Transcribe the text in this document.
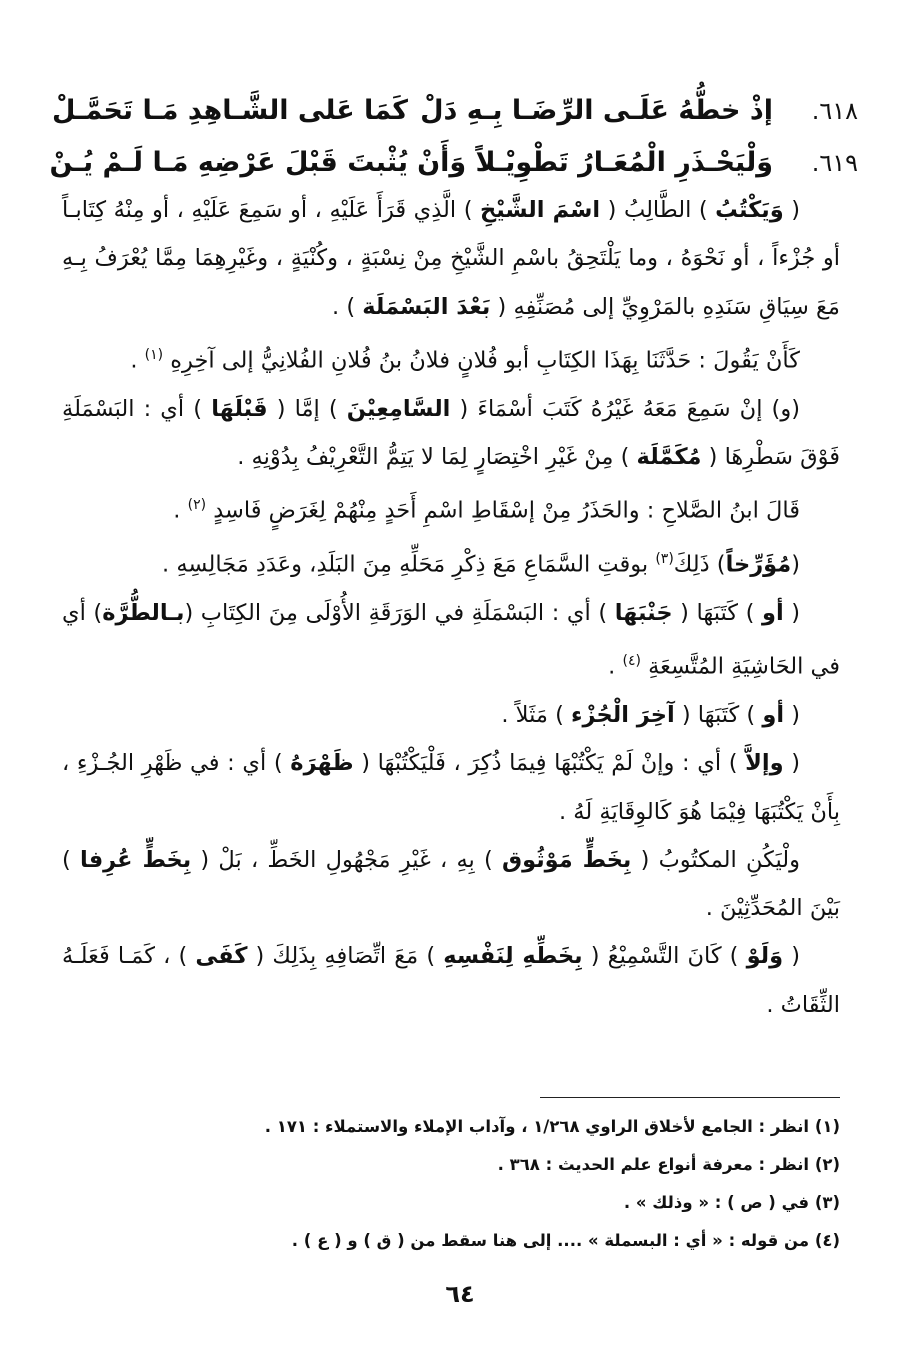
٦١٨.
إذْ خطُّهُ عَلَـى الرِّضَـا بِـهِ دَلْ
كَمَا عَلى الشَّـاهِدِ مَـا تَحَمَّـلْ
٦١٩.
وَلْيَحْـذَرِ الْمُعَـارُ تَطْوِيْـلاً وَأَنْ
يُثْبتَ قَبْلَ عَرْضِهِ مَـا لَـمْ يُـنْ

( وَيَكْتُبُ ) الطَّالِبُ ( اسْمَ الشَّيْخِ ) الَّذِي قَرَأَ عَلَيْهِ ، أو سَمِعَ عَلَيْهِ ، أو مِنْهُ كِتَابـاً أو جُزْءاً ، أو نَحْوَهُ ، وما يَلْتَحِقُ باسْمِ الشَّيْخِ مِنْ نِسْبَةٍ ، وكُنْيَةٍ ، وغَيْرِهِمَا مِمَّا يُعْرَفُ بِـهِ مَعَ سِيَاقِ سَنَدِهِ بالمَرْوِيِّ إلى مُصَنِّفِهِ ( بَعْدَ البَسْمَلَة ) .

كَأَنْ يَقُولَ : حَدَّثَنَا بِهَذَا الكِتَابِ أبو فُلانٍ فلانُ بنُ فُلانِ الفُلانِيُّ إلى آخِرِهِ $^{(١)}$ .

(و) إنْ سَمِعَ مَعَهُ غَيْرُهُ كَتَبَ أسْمَاءَ ( السَّامِعِيْنَ ) إمَّا ( قَبْلَهَا ) أي : البَسْمَلَةِ فَوْقَ سَطْرِهَا ( مُكَمَّلَة ) مِنْ غَيْرِ اخْتِصَارٍ لِمَا لا يَتِمُّ التَّعْرِيْفُ بِدُوْنِهِ .

قَالَ ابنُ الصَّلاحِ : والحَذَرُ مِنْ إسْقَاطِ اسْمِ أَحَدٍ مِنْهُمْ لِغَرَضٍ فَاسِدٍ $^{(٢)}$ .

(مُؤَرِّخاً) ذَلِكَ$^{(٣)}$ بوقتِ السَّمَاعِ مَعَ ذِكْرِ مَحَلِّهِ مِنَ البَلَدِ، وعَدَدِ مَجَالِسِهِ .

( أو ) كَتَبَهَا ( جَنْبَهَا ) أي : البَسْمَلَةِ في الوَرَقَةِ الأُوْلَى مِنَ الكِتَابِ (بـالطُّرَّة) أي في الحَاشِيَةِ المُتَّسِعَةِ $^{(٤)}$ .

( أو ) كَتَبَهَا ( آخِرَ الْجُزْء ) مَثَلاً .

( وإلاَّ ) أي : وإنْ لَمْ يَكْتُبْهَا فِيمَا ذُكِرَ ، فَلْيَكْتُبْهَا ( ظَهْرَهُ ) أي : في ظَهْرِ الجُـزْءِ ، بِأَنْ يَكْتُبَهَا فِيْمَا هُوَ كَالوِقَايَةِ لَهُ .

ولْيَكُنِ المكتُوبُ ( بِخَطٍّ مَوْثُوق ) بِهِ ، غَيْرِ مَجْهُولِ الخَطِّ ، بَلْ ( بِخَطٍّ عُرِفا ) بَيْنَ المُحَدِّثِيْنَ .

( وَلَوْ ) كَانَ التَّسْمِيْعُ ( بِخَطِّهِ لِنَفْسِهِ ) مَعَ اتِّصَافِهِ بِذَلِكَ ( كَفَى ) ، كَمَـا فَعَلَـهُ الثِّقَاتُ .

(١) انظر : الجامع لأخلاق الراوي ١/٢٦٨ ، وآداب الإملاء والاستملاء : ١٧١ .
(٢) انظر : معرفة أنواع علم الحديث : ٣٦٨ .
(٣) في ( ص ) : « وذلك » .
(٤) من قوله : « أي : البسملة » .... إلى هنا سقط من ( ق ) و ( ع ) .
٦٤
